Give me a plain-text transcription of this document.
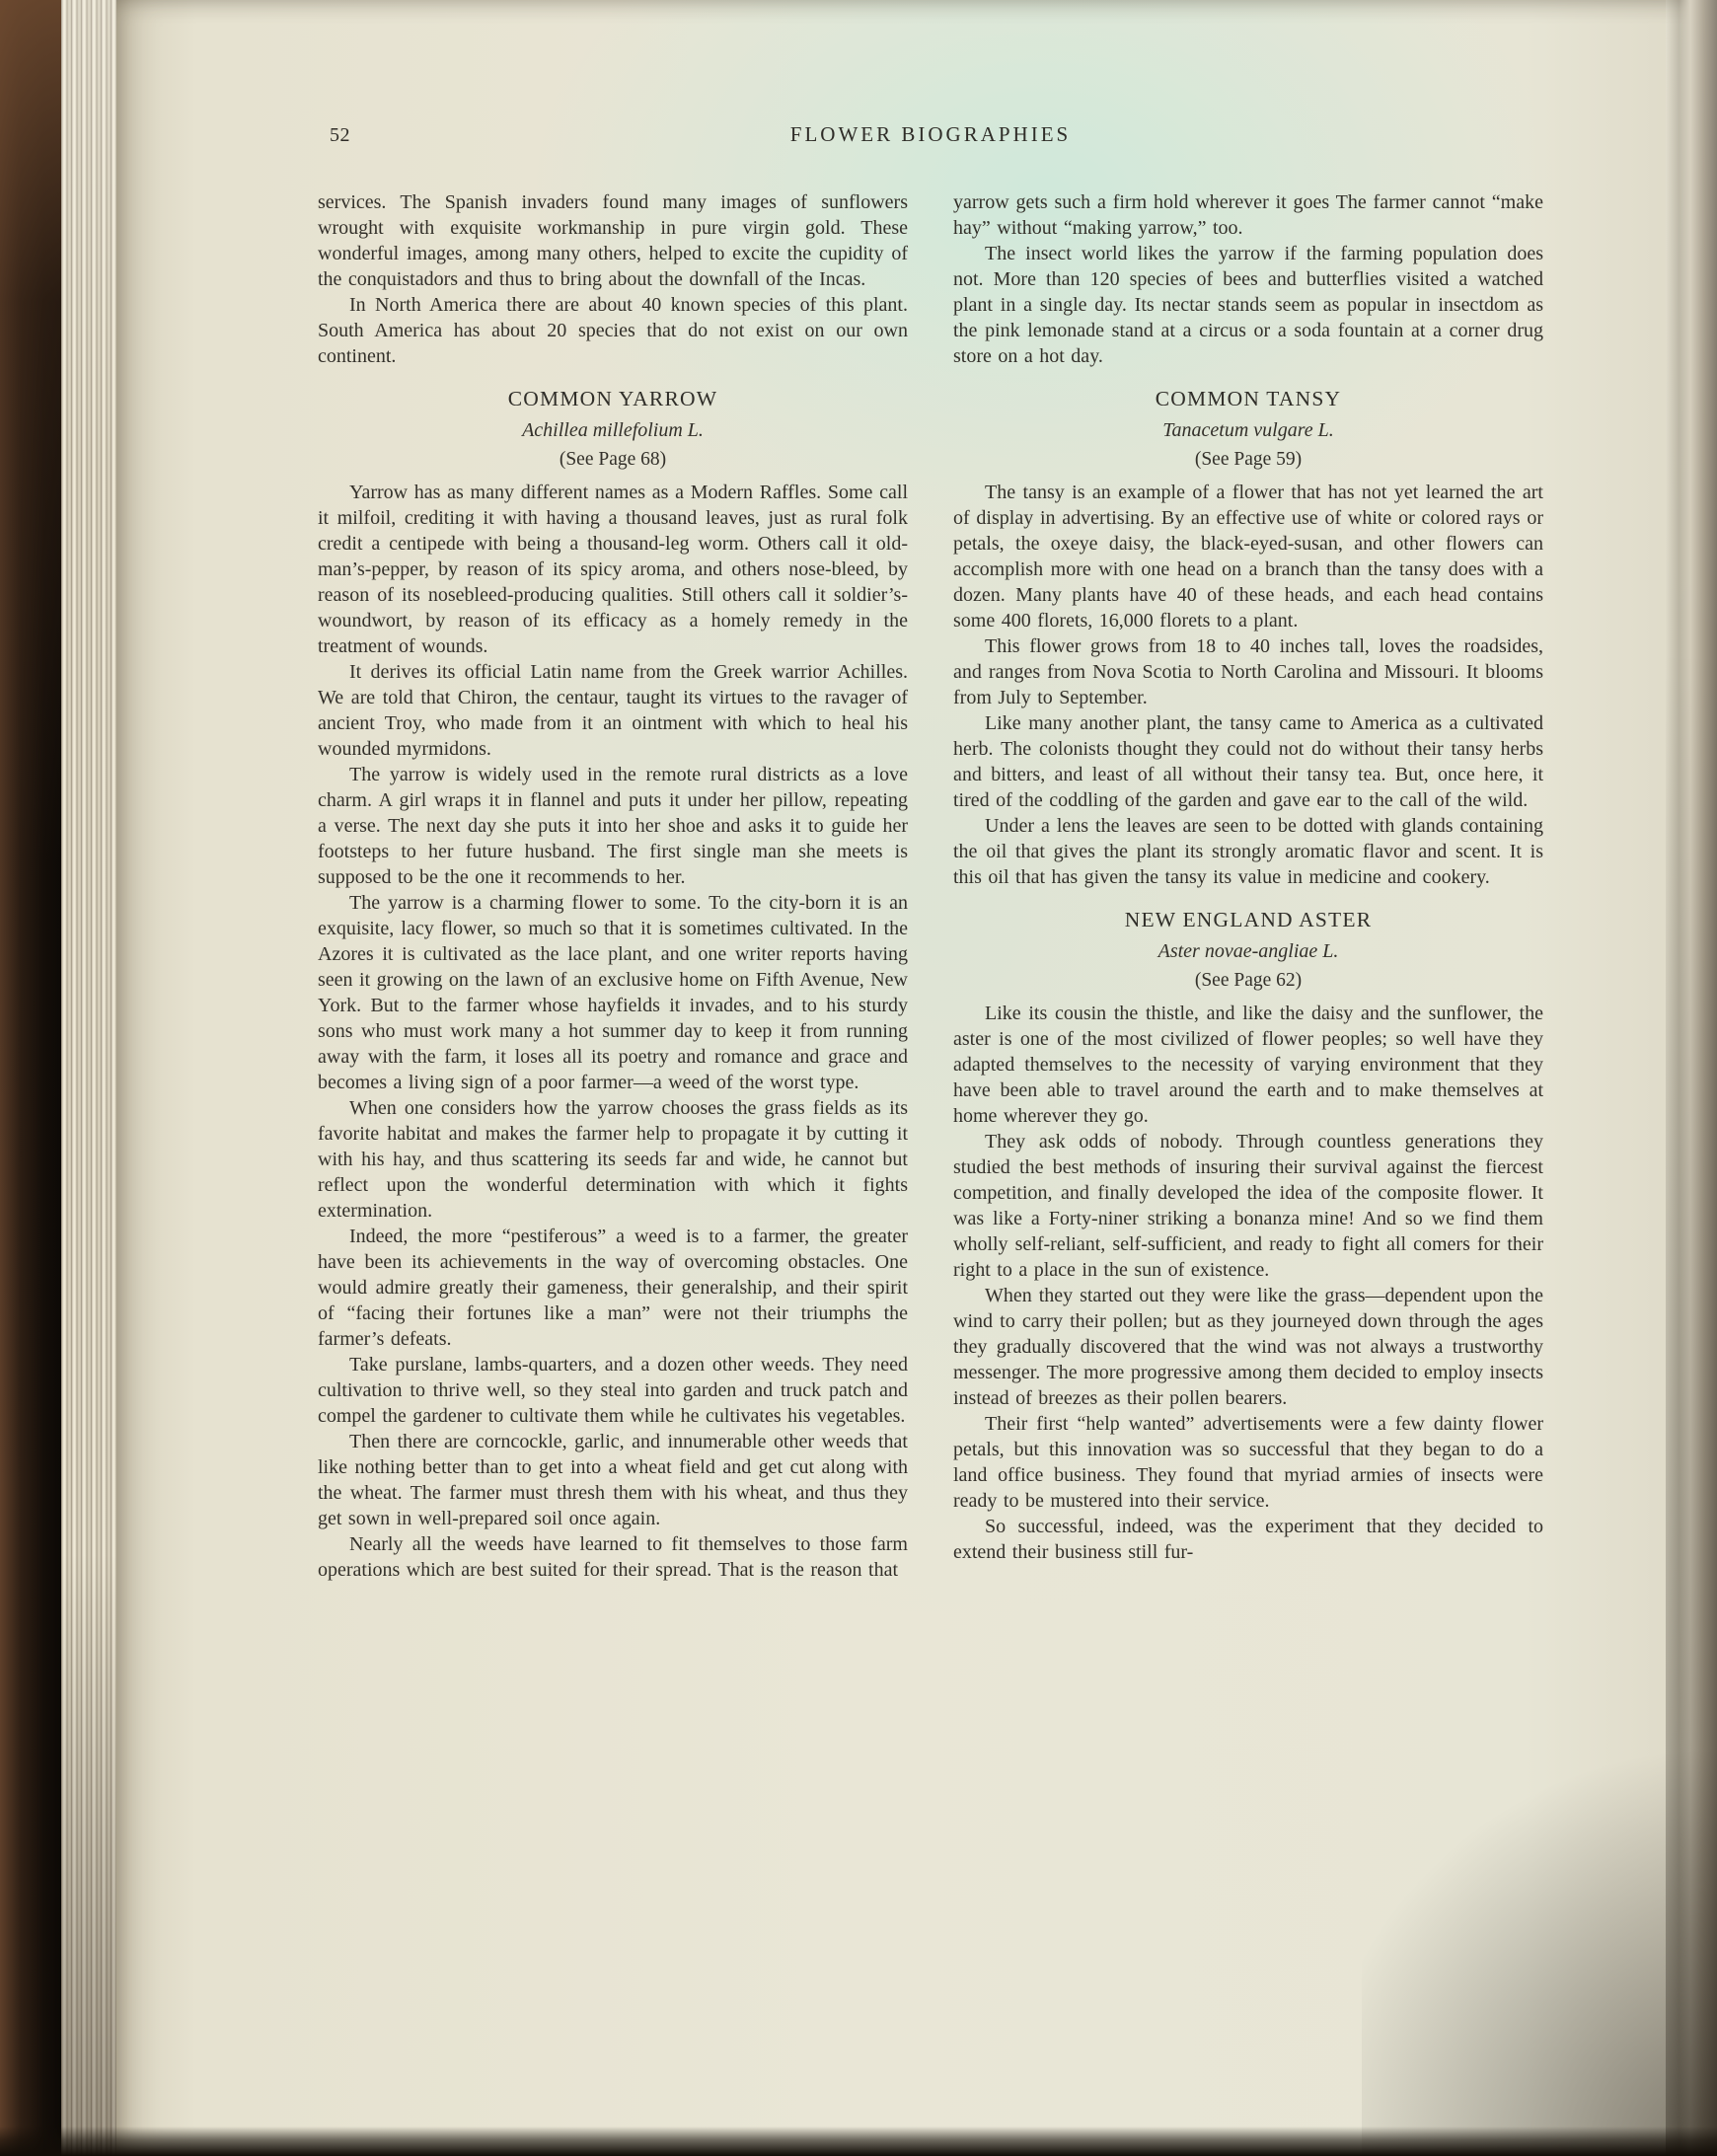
52	FLOWER BIOGRAPHIES

services. The Spanish invaders found many images of sunflowers wrought with exquisite workmanship in pure virgin gold. These wonderful images, among many others, helped to excite the cupidity of the conquistadors and thus to bring about the downfall of the Incas.

In North America there are about 40 known species of this plant. South America has about 20 species that do not exist on our own continent.

COMMON YARROW
Achillea millefolium L.
(See Page 68)

Yarrow has as many different names as a Modern Raffles. Some call it milfoil, crediting it with having a thousand leaves, just as rural folk credit a centipede with being a thousand-leg worm. Others call it old-man’s-pepper, by reason of its spicy aroma, and others nose-bleed, by reason of its nosebleed-producing qualities. Still others call it soldier’s-woundwort, by reason of its efficacy as a homely remedy in the treatment of wounds.

It derives its official Latin name from the Greek warrior Achilles. We are told that Chiron, the centaur, taught its virtues to the ravager of ancient Troy, who made from it an ointment with which to heal his wounded myrmidons.

The yarrow is widely used in the remote rural districts as a love charm. A girl wraps it in flannel and puts it under her pillow, repeating a verse. The next day she puts it into her shoe and asks it to guide her footsteps to her future husband. The first single man she meets is supposed to be the one it recommends to her.

The yarrow is a charming flower to some. To the city-born it is an exquisite, lacy flower, so much so that it is sometimes cultivated. In the Azores it is cultivated as the lace plant, and one writer reports having seen it growing on the lawn of an exclusive home on Fifth Avenue, New York. But to the farmer whose hayfields it invades, and to his sturdy sons who must work many a hot summer day to keep it from running away with the farm, it loses all its poetry and romance and grace and becomes a living sign of a poor farmer—a weed of the worst type.

When one considers how the yarrow chooses the grass fields as its favorite habitat and makes the farmer help to propagate it by cutting it with his hay, and thus scattering its seeds far and wide, he cannot but reflect upon the wonderful determination with which it fights extermination.

Indeed, the more “pestiferous” a weed is to a farmer, the greater have been its achievements in the way of overcoming obstacles. One would admire greatly their gameness, their generalship, and their spirit of “facing their fortunes like a man” were not their triumphs the farmer’s defeats.

Take purslane, lambs-quarters, and a dozen other weeds. They need cultivation to thrive well, so they steal into garden and truck patch and compel the gardener to cultivate them while he cultivates his vegetables.

Then there are corncockle, garlic, and innumerable other weeds that like nothing better than to get into a wheat field and get cut along with the wheat. The farmer must thresh them with his wheat, and thus they get sown in well-prepared soil once again.

Nearly all the weeds have learned to fit themselves to those farm operations which are best suited for their spread. That is the reason that

yarrow gets such a firm hold wherever it goes The farmer cannot “make hay” without “making yarrow,” too.

The insect world likes the yarrow if the farming population does not. More than 120 species of bees and butterflies visited a watched plant in a single day. Its nectar stands seem as popular in insectdom as the pink lemonade stand at a circus or a soda fountain at a corner drug store on a hot day.

COMMON TANSY
Tanacetum vulgare L.
(See Page 59)

The tansy is an example of a flower that has not yet learned the art of display in advertising. By an effective use of white or colored rays or petals, the oxeye daisy, the black-eyed-susan, and other flowers can accomplish more with one head on a branch than the tansy does with a dozen. Many plants have 40 of these heads, and each head contains some 400 florets, 16,000 florets to a plant.

This flower grows from 18 to 40 inches tall, loves the roadsides, and ranges from Nova Scotia to North Carolina and Missouri. It blooms from July to September.

Like many another plant, the tansy came to America as a cultivated herb. The colonists thought they could not do without their tansy herbs and bitters, and least of all without their tansy tea. But, once here, it tired of the coddling of the garden and gave ear to the call of the wild.

Under a lens the leaves are seen to be dotted with glands containing the oil that gives the plant its strongly aromatic flavor and scent. It is this oil that has given the tansy its value in medicine and cookery.

NEW ENGLAND ASTER
Aster novae-angliae L.
(See Page 62)

Like its cousin the thistle, and like the daisy and the sunflower, the aster is one of the most civilized of flower peoples; so well have they adapted themselves to the necessity of varying environment that they have been able to travel around the earth and to make themselves at home wherever they go.

They ask odds of nobody. Through countless generations they studied the best methods of insuring their survival against the fiercest competition, and finally developed the idea of the composite flower. It was like a Forty-niner striking a bonanza mine! And so we find them wholly self-reliant, self-sufficient, and ready to fight all comers for their right to a place in the sun of existence.

When they started out they were like the grass—dependent upon the wind to carry their pollen; but as they journeyed down through the ages they gradually discovered that the wind was not always a trustworthy messenger. The more progressive among them decided to employ insects instead of breezes as their pollen bearers.

Their first “help wanted” advertisements were a few dainty flower petals, but this innovation was so successful that they began to do a land office business. They found that myriad armies of insects were ready to be mustered into their service.

So successful, indeed, was the experiment that they decided to extend their business still fur-
